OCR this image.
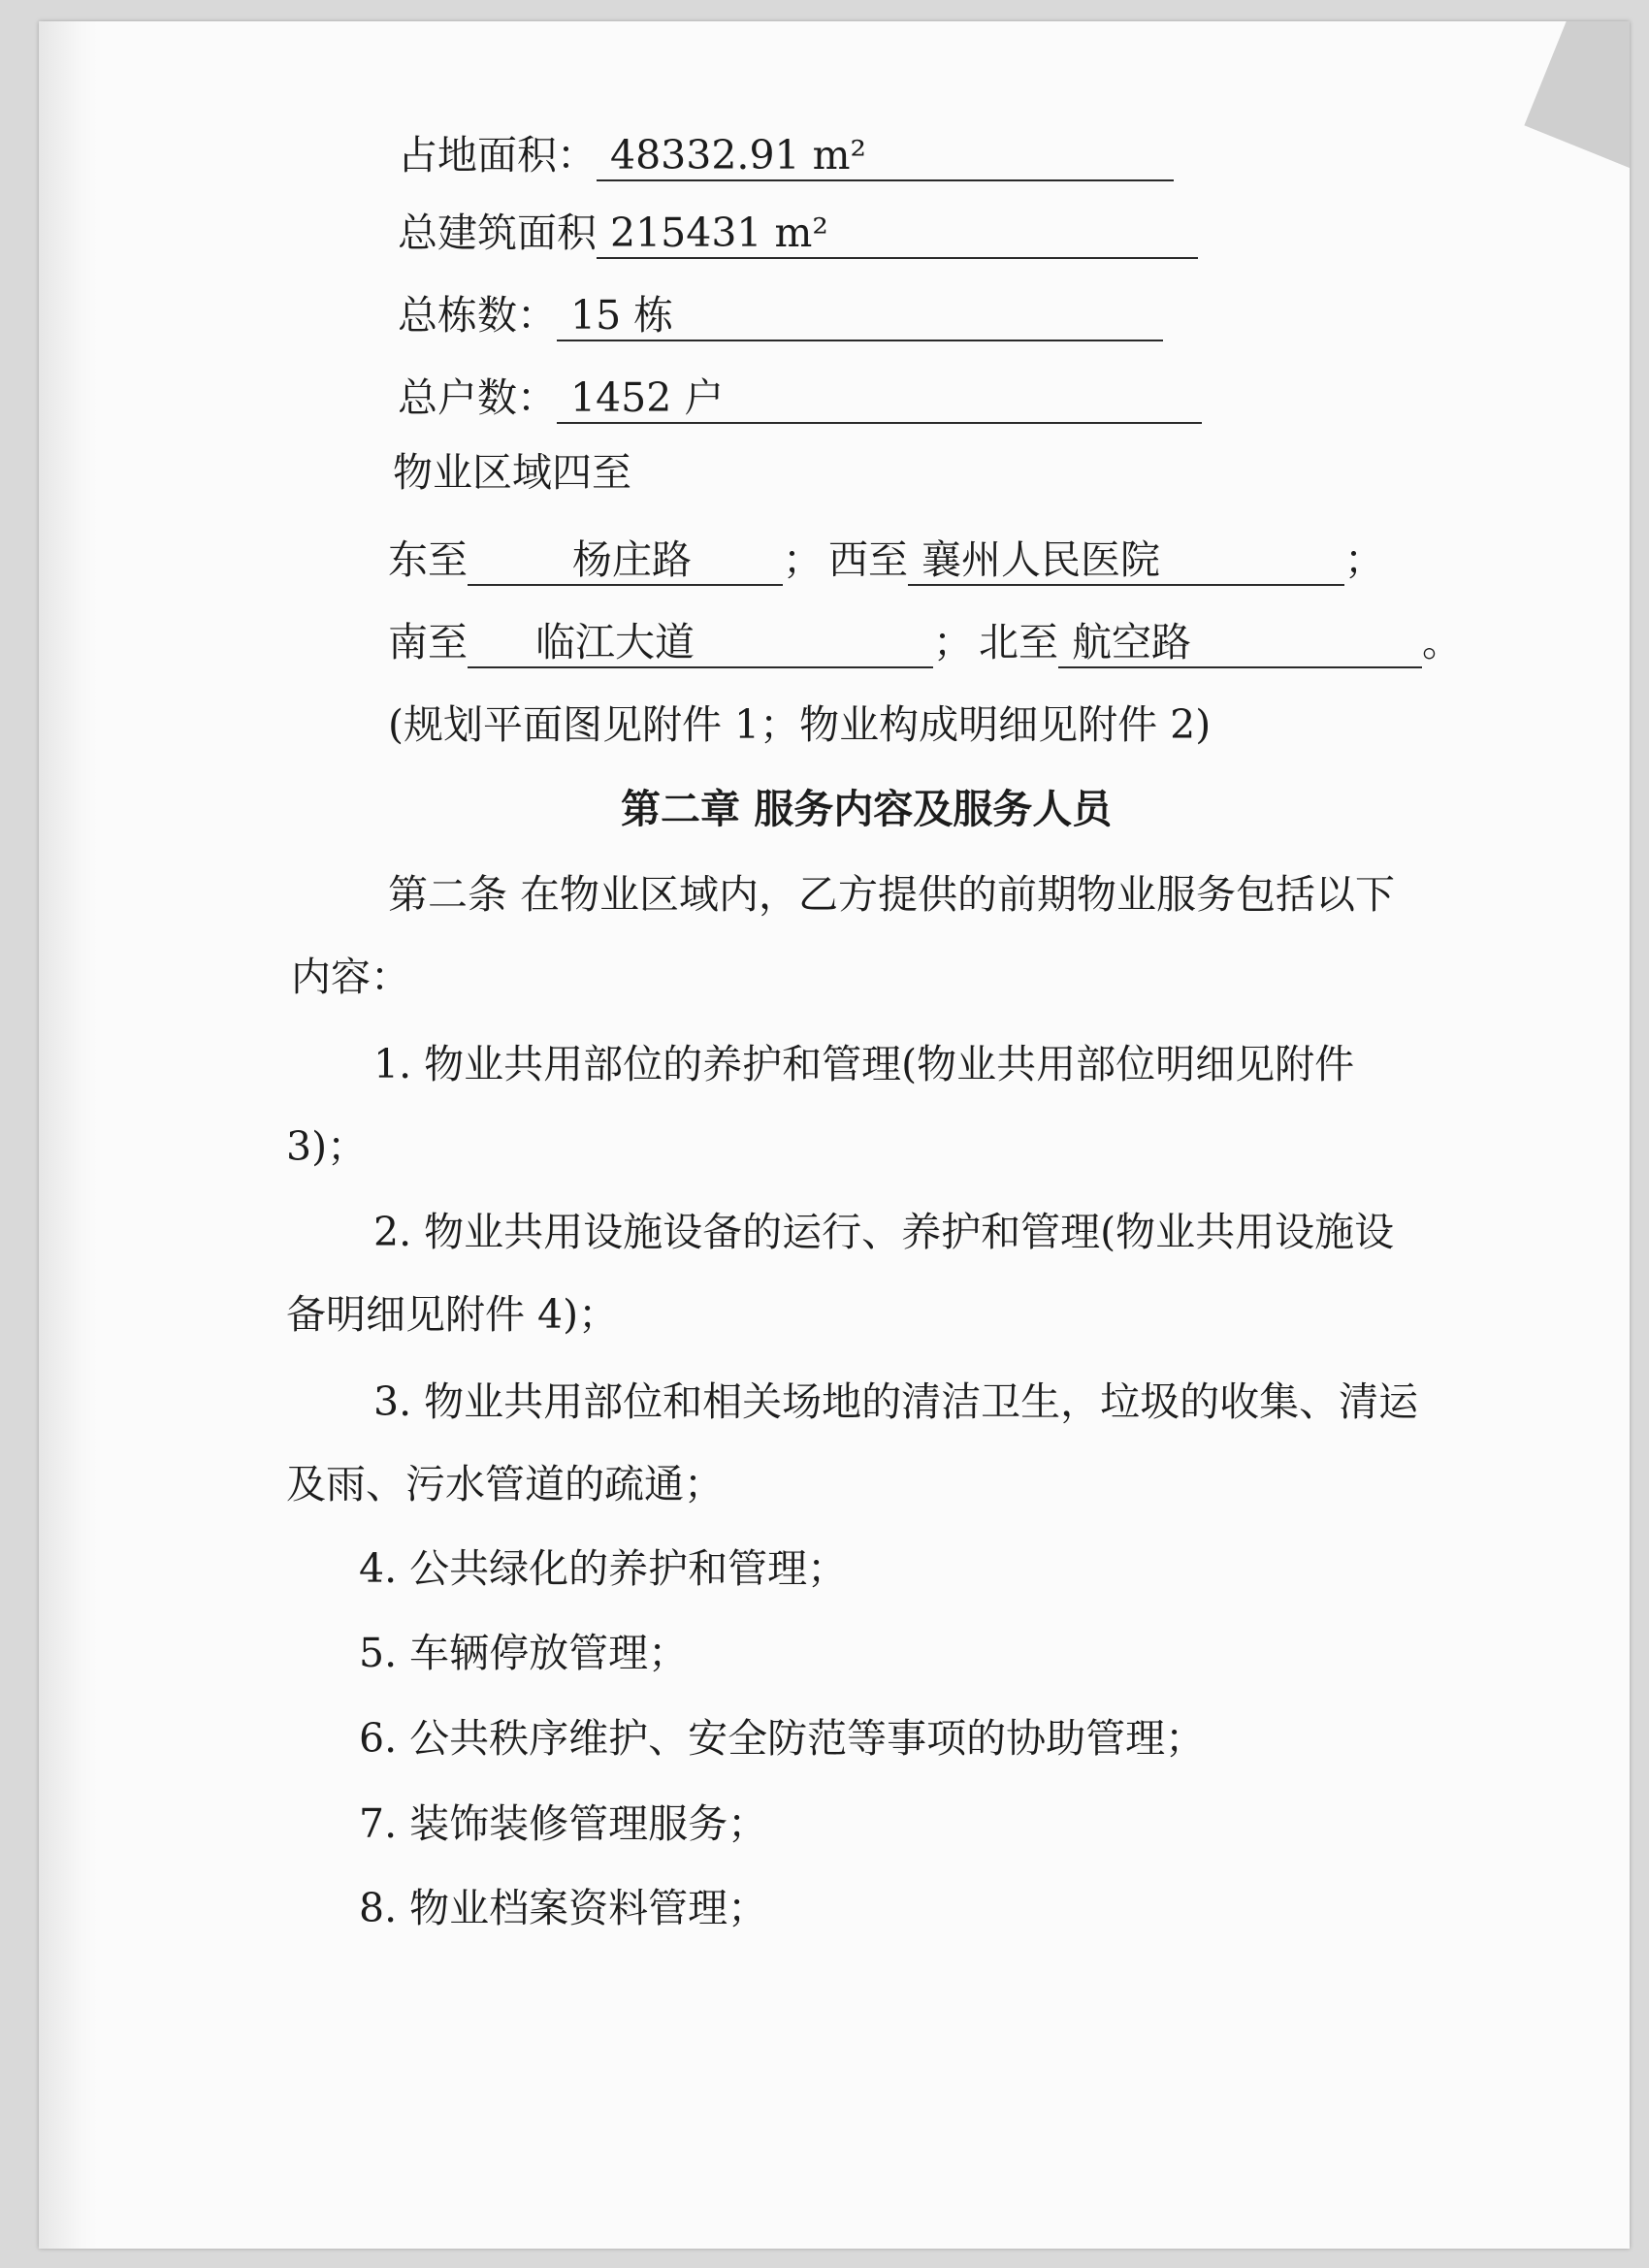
占地面积： 48332.91 m²
总建筑面积 215431 m²
总栋数： 15 栋
总户数： 1452 户
物业区域四至
东至	杨庄路 ； 西至 襄州人民医院	；
南至 临江大道	； 北至 航空路	。
(规划平面图见附件 1；物业构成明细见附件 2)
第二章 服务内容及服务人员
第二条 在物业区域内，乙方提供的前期物业服务包括以下
内容：
1. 物业共用部位的养护和管理(物业共用部位明细见附件
3)；
2. 物业共用设施设备的运行、养护和管理(物业共用设施设
备明细见附件 4)；
3. 物业共用部位和相关场地的清洁卫生，垃圾的收集、清运
及雨、污水管道的疏通；
4. 公共绿化的养护和管理；
5. 车辆停放管理；
6. 公共秩序维护、安全防范等事项的协助管理；
7. 装饰装修管理服务；
8. 物业档案资料管理；
